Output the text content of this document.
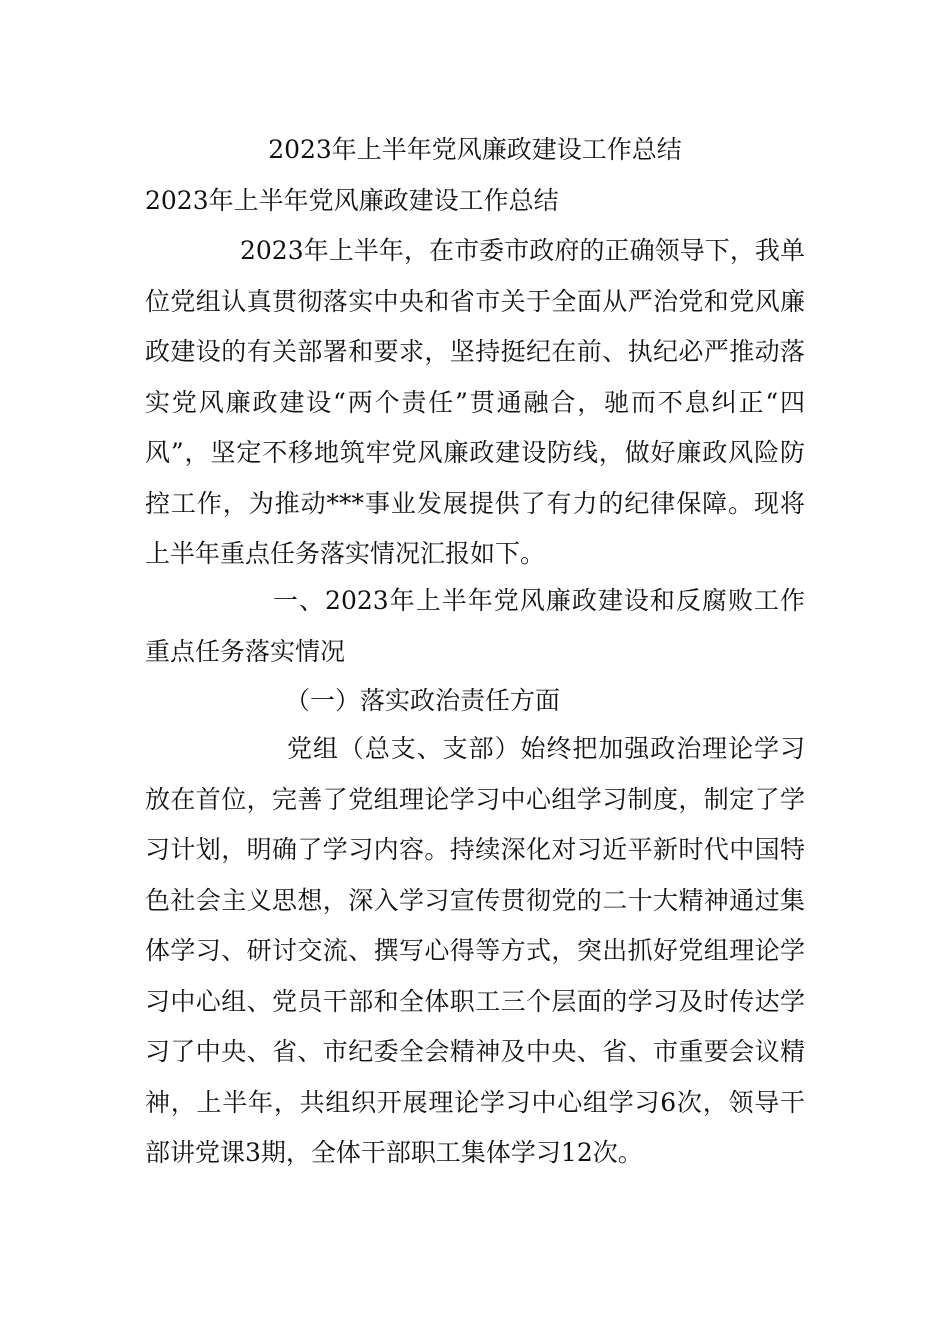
2023年上半年党风廉政建设工作总结
2023年上半年党风廉政建设工作总结

2023年上半年，在市委市政府的正确领导下，我单位党组认真贯彻落实中央和省市关于全面从严治党和党风廉政建设的有关部署和要求，坚持挺纪在前、执纪必严推动落实党风廉政建设“两个责任”贯通融合，驰而不息纠正“四风”，坚定不移地筑牢党风廉政建设防线，做好廉政风险防控工作，为推动***事业发展提供了有力的纪律保障。现将上半年重点任务落实情况汇报如下。

一、2023年上半年党风廉政建设和反腐败工作重点任务落实情况

（一）落实政治责任方面

党组（总支、支部）始终把加强政治理论学习放在首位，完善了党组理论学习中心组学习制度，制定了学习计划，明确了学习内容。持续深化对习近平新时代中国特色社会主义思想，深入学习宣传贯彻党的二十大精神通过集体学习、研讨交流、撰写心得等方式，突出抓好党组理论学习中心组、党员干部和全体职工三个层面的学习及时传达学习了中央、省、市纪委全会精神及中央、省、市重要会议精神，上半年，共组织开展理论学习中心组学习6次，领导干部讲党课3期，全体干部职工集体学习12次。
